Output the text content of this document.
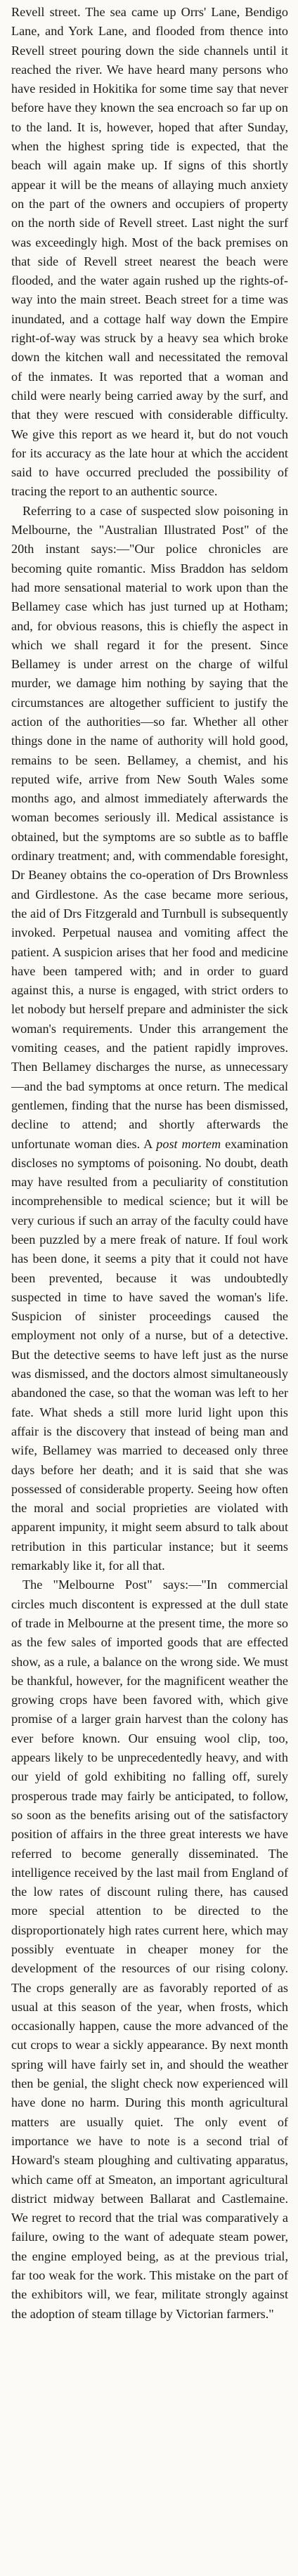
Revell street. The sea came up Orrs' Lane, Bendigo Lane, and York Lane, and flooded from thence into Revell street pouring down the side channels until it reached the river. We have heard many persons who have resided in Hokitika for some time say that never before have they known the sea encroach so far up on to the land. It is, however, hoped that after Sunday, when the highest spring tide is expected, that the beach will again make up. If signs of this shortly appear it will be the means of allaying much anxiety on the part of the owners and occupiers of property on the north side of Revell street. Last night the surf was exceedingly high. Most of the back premises on that side of Revell street nearest the beach were flooded, and the water again rushed up the rights-of-way into the main street. Beach street for a time was inundated, and a cottage half way down the Empire right-of-way was struck by a heavy sea which broke down the kitchen wall and necessitated the removal of the inmates. It was reported that a woman and child were nearly being carried away by the surf, and that they were rescued with considerable difficulty. We give this report as we heard it, but do not vouch for its accuracy as the late hour at which the accident said to have occurred precluded the possibility of tracing the report to an authentic source.

Referring to a case of suspected slow poisoning in Melbourne, the "Australian Illustrated Post" of the 20th instant says:—"Our police chronicles are becoming quite romantic. Miss Braddon has seldom had more sensational material to work upon than the Bellamey case which has just turned up at Hotham; and, for obvious reasons, this is chiefly the aspect in which we shall regard it for the present. Since Bellamey is under arrest on the charge of wilful murder, we damage him nothing by saying that the circumstances are altogether sufficient to justify the action of the authorities—so far. Whether all other things done in the name of authority will hold good, remains to be seen. Bellamey, a chemist, and his reputed wife, arrive from New South Wales some months ago, and almost immediately afterwards the woman becomes seriously ill. Medical assistance is obtained, but the symptoms are so subtle as to baffle ordinary treatment; and, with commendable foresight, Dr Beaney obtains the co-operation of Drs Brownless and Girdlestone. As the case became more serious, the aid of Drs Fitzgerald and Turnbull is subsequently invoked. Perpetual nausea and vomiting affect the patient. A suspicion arises that her food and medicine have been tampered with; and in order to guard against this, a nurse is engaged, with strict orders to let nobody but herself prepare and administer the sick woman's requirements. Under this arrangement the vomiting ceases, and the patient rapidly improves. Then Bellamey discharges the nurse, as unnecessary—and the bad symptoms at once return. The medical gentlemen, finding that the nurse has been dismissed, decline to attend; and shortly afterwards the unfortunate woman dies. A post mortem examination discloses no symptoms of poisoning. No doubt, death may have resulted from a peculiarity of constitution incomprehensible to medical science; but it will be very curious if such an array of the faculty could have been puzzled by a mere freak of nature. If foul work has been done, it seems a pity that it could not have been prevented, because it was undoubtedly suspected in time to have saved the woman's life. Suspicion of sinister proceedings caused the employment not only of a nurse, but of a detective. But the detective seems to have left just as the nurse was dismissed, and the doctors almost simultaneously abandoned the case, so that the woman was left to her fate. What sheds a still more lurid light upon this affair is the discovery that instead of being man and wife, Bellamey was married to deceased only three days before her death; and it is said that she was possessed of considerable property. Seeing how often the moral and social proprieties are violated with apparent impunity, it might seem absurd to talk about retribution in this particular instance; but it seems remarkably like it, for all that.

The "Melbourne Post" says:—"In commercial circles much discontent is expressed at the dull state of trade in Melbourne at the present time, the more so as the few sales of imported goods that are effected show, as a rule, a balance on the wrong side. We must be thankful, however, for the magnificent weather the growing crops have been favored with, which give promise of a larger grain harvest than the colony has ever before known. Our ensuing wool clip, too, appears likely to be unprecedentedly heavy, and with our yield of gold exhibiting no falling off, surely prosperous trade may fairly be anticipated, to follow, so soon as the benefits arising out of the satisfactory position of affairs in the three great interests we have referred to become generally disseminated. The intelligence received by the last mail from England of the low rates of discount ruling there, has caused more special attention to be directed to the disproportionately high rates current here, which may possibly eventuate in cheaper money for the development of the resources of our rising colony. The crops generally are as favorably reported of as usual at this season of the year, when frosts, which occasionally happen, cause the more advanced of the cut crops to wear a sickly appearance. By next month spring will have fairly set in, and should the weather then be genial, the slight check now experienced will have done no harm. During this month agricultural matters are usually quiet. The only event of importance we have to note is a second trial of Howard's steam ploughing and cultivating apparatus, which came off at Smeaton, an important agricultural district midway between Ballarat and Castlemaine. We regret to record that the trial was comparatively a failure, owing to the want of adequate steam power, the engine employed being, as at the previous trial, far too weak for the work. This mistake on the part of the exhibitors will, we fear, militate strongly against the adoption of steam tillage by Victorian farmers."
